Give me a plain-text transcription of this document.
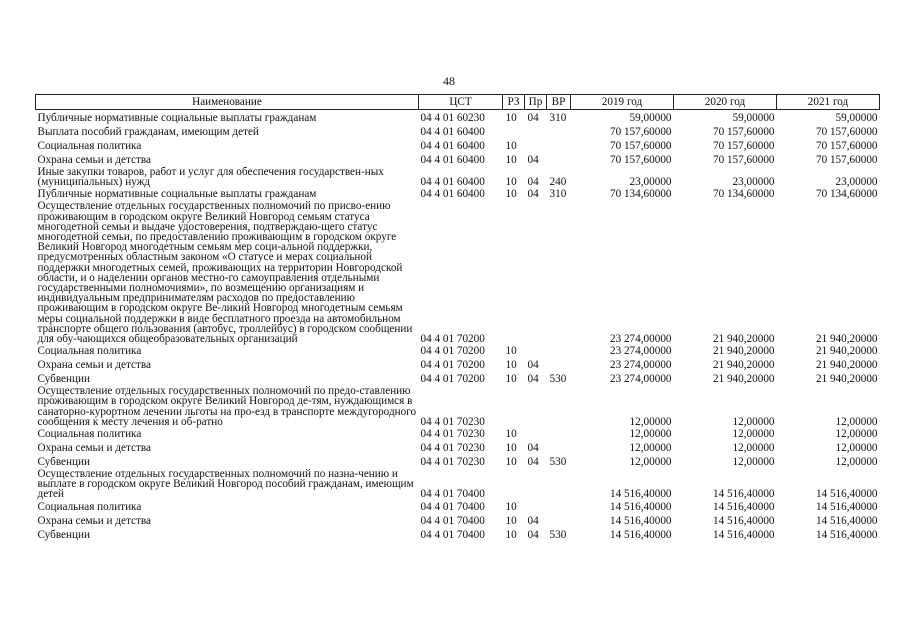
48
Наименование	ЦСТ	РЗ	Пр	ВР	2019 год	2020 год	2021 год
Публичные нормативные социальные выплаты гражданам	04 4 01 60230	10	04	310	59,00000	59,00000	59,00000
Выплата пособий гражданам, имеющим детей	04 4 01 60400				70 157,60000	70 157,60000	70 157,60000
Социальная политика	04 4 01 60400	10			70 157,60000	70 157,60000	70 157,60000
Охрана семьи и детства	04 4 01 60400	10	04		70 157,60000	70 157,60000	70 157,60000
Иные закупки товаров, работ и услуг для обеспечения государствен-ных (муниципальных) нужд	04 4 01 60400	10	04	240	23,00000	23,00000	23,00000
Публичные нормативные социальные выплаты гражданам	04 4 01 60400	10	04	310	70 134,60000	70 134,60000	70 134,60000
Осуществление отдельных государственных полномочий по присво-ению проживающим в городском округе Великий Новгород семьям статуса многодетной семьи и выдаче удостоверения, подтверждаю-щего статус многодетной семьи, по предоставлению проживающим в городском округе Великий Новгород многодетным семьям мер соци-альной поддержки, предусмотренных областным законом «О статусе и мерах социальной поддержки многодетных семей, проживающих на территории Новгородской области, и о наделении органов местно-го самоуправления отдельными государственными полномочиями», по возмещению организациям и индивидуальным предпринимателям расходов по предоставлению проживающим в городском округе Ве-ликий Новгород многодетным семьям меры социальной поддержки в виде бесплатного проезда на автомобильном транспорте общего пользования (автобус, троллейбус) в городском сообщении для обу-чающихся общеобразовательных организаций	04 4 01 70200				23 274,00000	21 940,20000	21 940,20000
Социальная политика	04 4 01 70200	10			23 274,00000	21 940,20000	21 940,20000
Охрана семьи и детства	04 4 01 70200	10	04		23 274,00000	21 940,20000	21 940,20000
Субвенции	04 4 01 70200	10	04	530	23 274,00000	21 940,20000	21 940,20000
Осуществление отдельных государственных полномочий по предо-ставлению проживающим в городском округе Великий Новгород де-тям, нуждающимся в санаторно-курортном лечении льготы на про-езд в транспорте междугородного сообщения к месту лечения и об-ратно	04 4 01 70230				12,00000	12,00000	12,00000
Социальная политика	04 4 01 70230	10			12,00000	12,00000	12,00000
Охрана семьи и детства	04 4 01 70230	10	04		12,00000	12,00000	12,00000
Субвенции	04 4 01 70230	10	04	530	12,00000	12,00000	12,00000
Осуществление отдельных государственных полномочий по назна-чению и выплате в городском округе Великий Новгород пособий гражданам, имеющим детей	04 4 01 70400				14 516,40000	14 516,40000	14 516,40000
Социальная политика	04 4 01 70400	10			14 516,40000	14 516,40000	14 516,40000
Охрана семьи и детства	04 4 01 70400	10	04		14 516,40000	14 516,40000	14 516,40000
Субвенции	04 4 01 70400	10	04	530	14 516,40000	14 516,40000	14 516,40000
